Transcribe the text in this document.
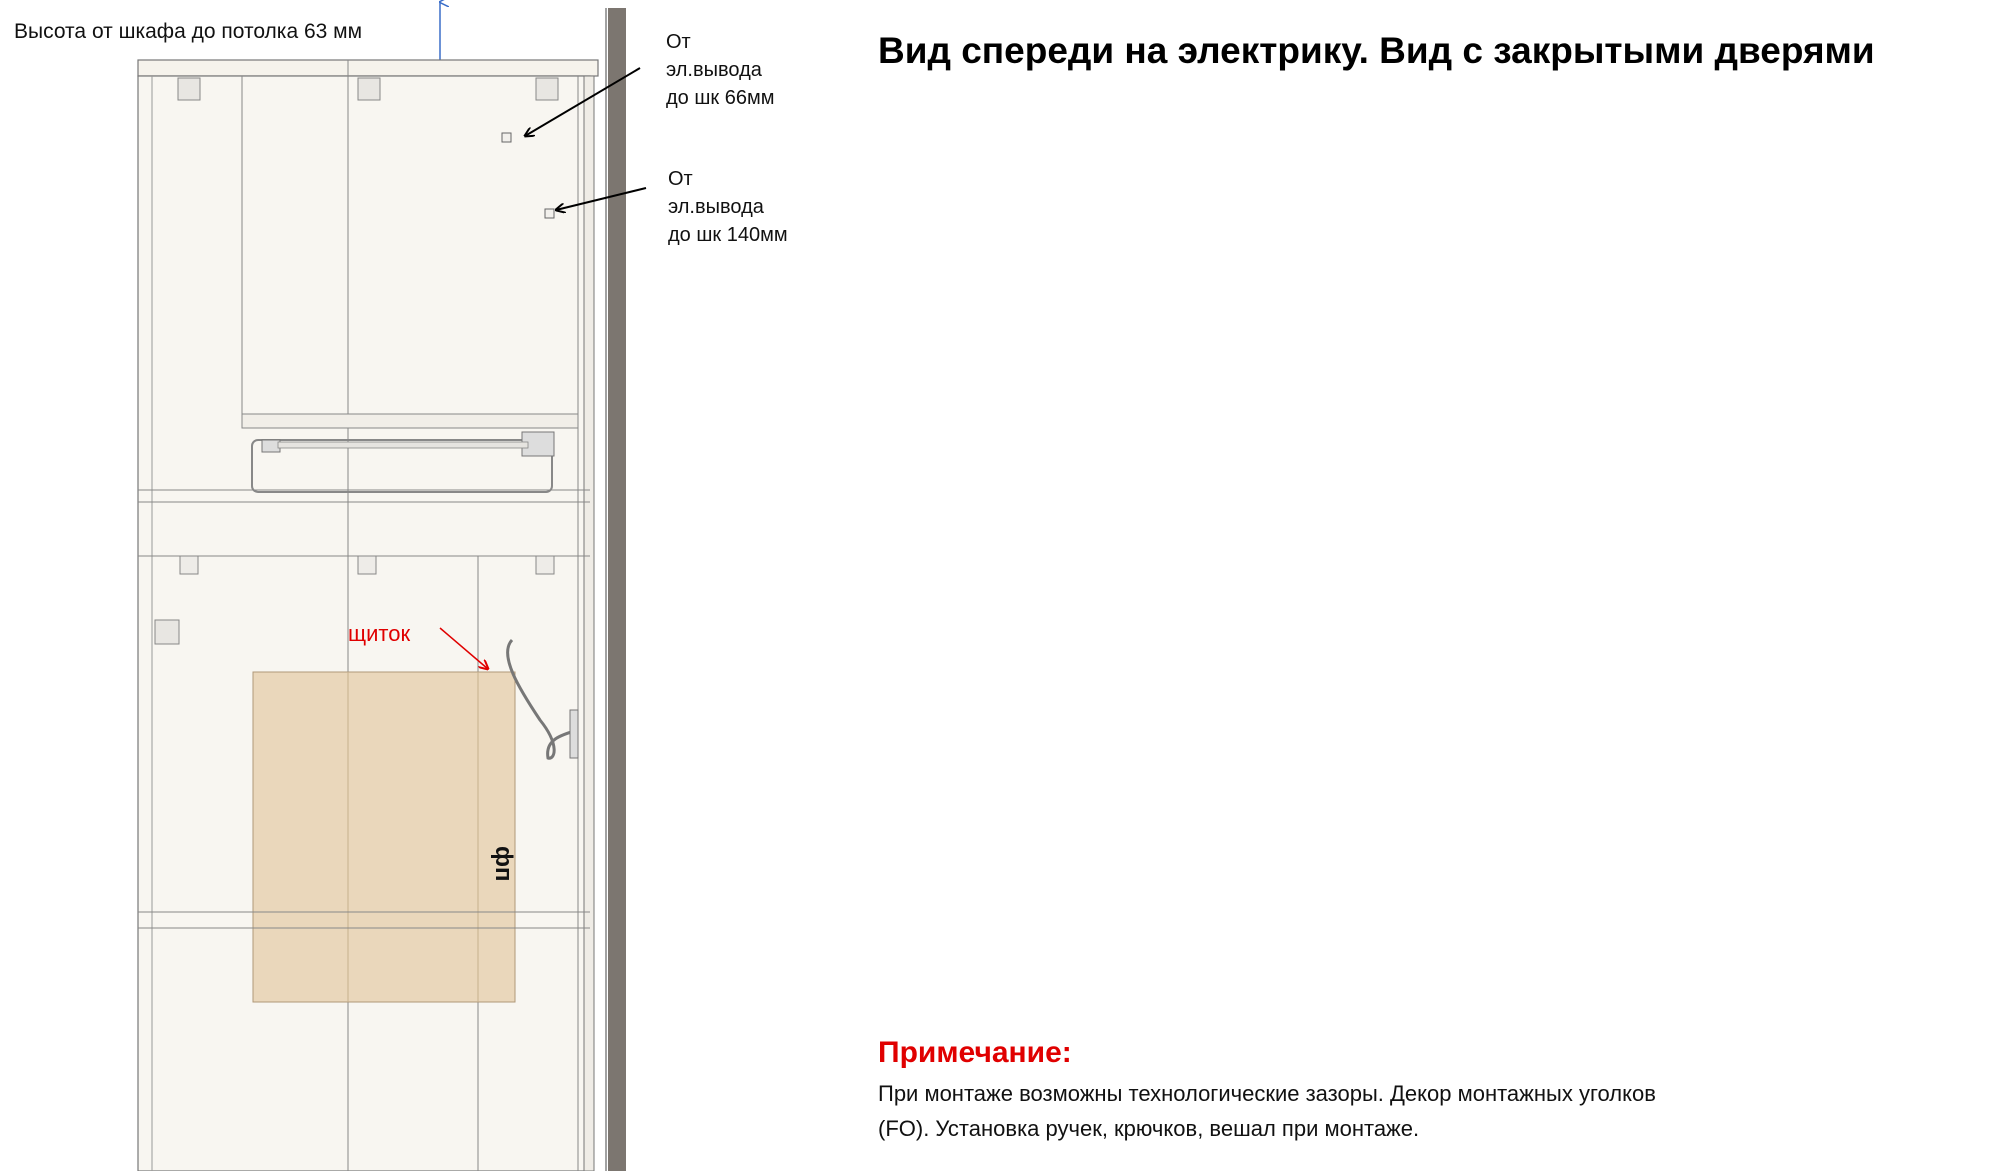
Высота от шкафа до потолка 63 мм	От
эл.вывода
до шк 66мм
От
эл.вывода
до шк 140мм
щиток
фп
Вид спереди на электрику. Вид с закрытыми дверями
Примечание:
При монтаже возможны технологические зазоры. Декор монтажных уголков
(FO). Установка ручек, крючков, вешал при монтаже.
